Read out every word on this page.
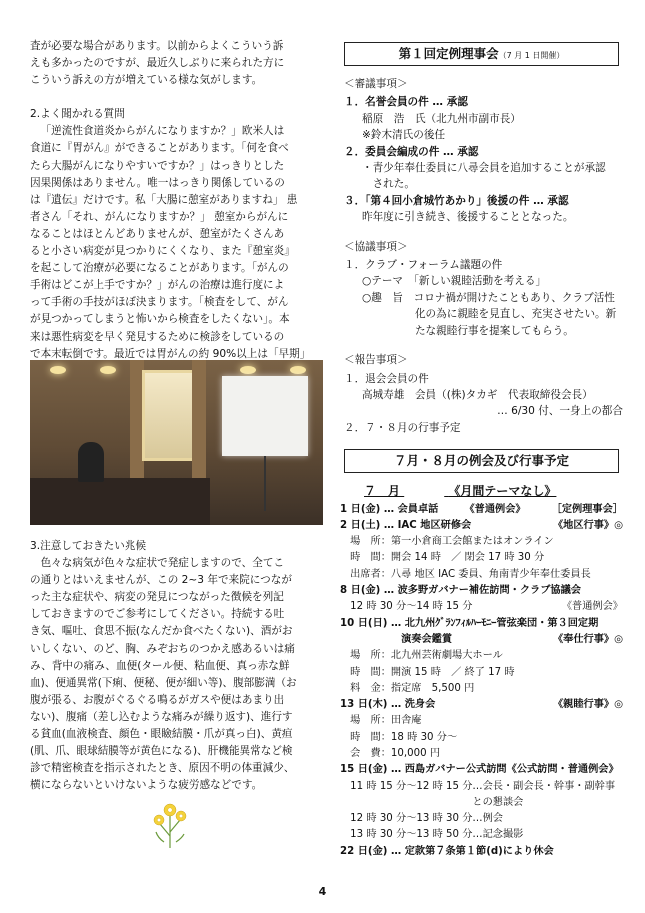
査が必要な場合があります。以前からよくこういう訴

えも多かったのですが、最近久しぶりに来られた方に

こういう訴えの方が増えている様な気がします。

2.よく聞かれる質問

「逆流性食道炎からがんになりますか？」欧米人は

食道に『胃がん』ができることがあります。「何を食べ

たら大腸がんになりやすいですか？」はっきりとした

因果関係はありません。唯一はっきり関係しているの

は『遺伝』だけです。私「大腸に憩室がありますね」 患

者さん「それ、がんになりますか？」 憩室からがんに

なることはほとんどありませんが、憩室がたくさんあ

ると小さい病変が見つかりにくくなり、また『憩室炎』

を起こして治療が必要になることがあります。「がんの

手術はどこが上手ですか？」がんの治療は進行度によ

って手術の手技がほぼ決まります。「検査をして、がん

が見つかってしまうと怖いから検査をしたくない」。本

来は悪性病変を早く発見するために検診をしているの

で本末転倒です。最近では胃がんの約 90%以上は「早期」

3.注意しておきたい兆候

色々な病気が色々な症状で発症しますので、全てこ

の通りとはいえませんが、この 2~3 年で来院につなが

った主な症状や、病変の発見につながった徴候を列記

しておきますのでご参考にしてください。持続する吐

き気、嘔吐、食思不振(なんだか食べたくない)、酒がお

いしくない、のど、胸、みぞおちのつかえ感あるいは痛

み、背中の痛み、血便(タール便、粘血便、真っ赤な鮮

血)、便通異常(下痢、便秘、便が細い等)、腹部膨満（お

腹が張る、お腹がぐるぐる鳴るがガスや便はあまり出

ない)、腹痛（差し込むような痛みが繰り返す)、進行す

る貧血(血液検査、顔色・眼瞼結膜・爪が真っ白)、黄疸

(肌、爪、眼球結膜等が黄色になる)、肝機能異常など検

診で精密検査を指示されたとき、原因不明の体重減少、

横にならないといけないような疲労感などです。

第１回定例理事会（7 月 1 日開催）
＜審議事項＞
１．名誉会員の件 … 承認
稲原　浩　氏（北九州市副市長）
※鈴木清氏の後任
２．委員会編成の件 … 承認
・青少年奉仕委員に八尋会員を追加することが承認
　された。
３．「第４回小倉城竹あかり」後援の件 … 承認
昨年度に引き続き、後援することとなった。
＜協議事項＞
１．クラブ・フォーラム議題の件
○テーマ　「新しい親睦活動を考える」
○趣　旨　コロナ禍が開けたこともあり、クラブ活性
　　　　　化の為に親睦を見直し、充実させたい。新
　　　　　たな親睦行事を提案してもらう。
＜報告事項＞
１．退会会員の件
高城寿雄　会員（(株)タカギ　代表取締役会長）
… 6/30 付、一身上の都合
２．７・８月の行事予定
７月・８月の例会及び行事予定
７　月	《月間テーマなし》
1 日(金) … 会員卓話	《普通例会》	［定例理事会］
2 日(土) … IAC 地区研修会	《地区行事》◎
　場　所：第一小倉商工会館またはオンライン
　時　間：開会 14 時　／ 閉会 17 時 30 分
　出席者：八尋 地区 IAC 委員、角南青少年奉仕委員長
8 日(金) … 波多野ガバナー補佐訪問・クラブ協議会
　12 時 30 分～14 時 15 分	《普通例会》
10 日(日) … 北九州ｸﾞﾗﾝﾌｨﾙﾊｰﾓﾆｰ管弦楽団・第３回定期
　　　　　　演奏会鑑賞	《奉仕行事》◎
　場　所：北九州芸術劇場大ホール
　時　間：開演 15 時　／ 終了 17 時
　料　金：指定席　5,500 円
13 日(木) … 洗身会	《親睦行事》◎
　場　所：田舎庵
　時　間：18 時 30 分～
　会　費：10,000 円
15 日(金) … 西島ガバナー公式訪問《公式訪問・普通例会》
　11 時 15 分～12 時 15 分…会長・副会長・幹事・副幹事
　　　　　　　　　　　　　との懇談会
　12 時 30 分～13 時 30 分…例会
　13 時 30 分～13 時 50 分…記念撮影
22 日(金) … 定款第７条第１節(d)により休会
4
